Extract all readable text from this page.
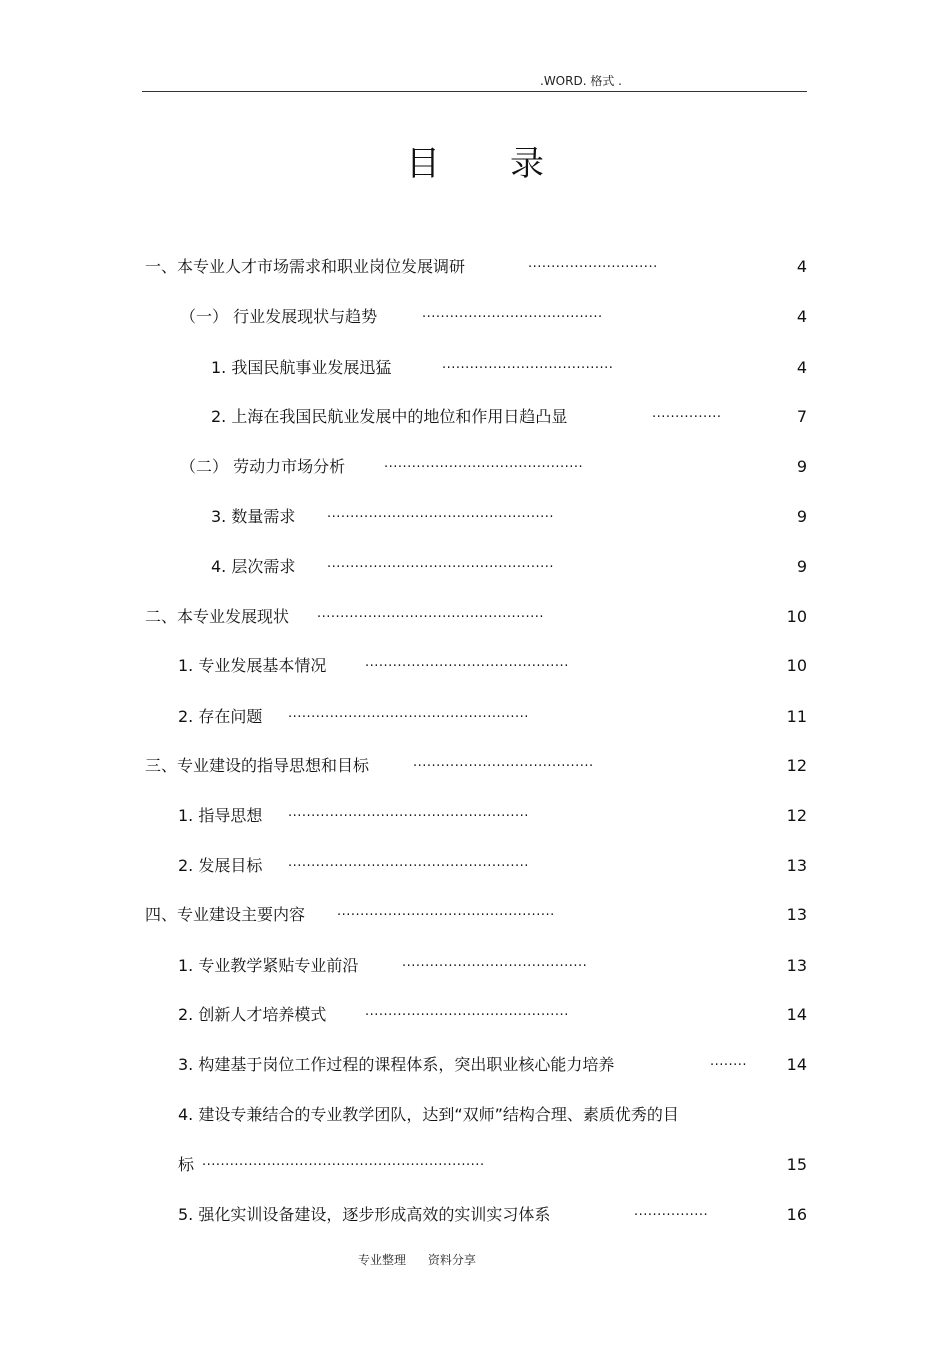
.WORD. 格式 .
目录
一、本专业人才市场需求和职业岗位发展调研	............................	4
（一） 行业发展现状与趋势	.......................................	4
1. 我国民航事业发展迅猛	.....................................	4
2. 上海在我国民航业发展中的地位和作用日趋凸显	...............	7
（二） 劳动力市场分析	...........................................	9
3. 数量需求 .................................................	9
4. 层次需求 .................................................	9
二、本专业发展现状 .................................................	10
1. 专业发展基本情况	............................................	10
2. 存在问题 ....................................................	11
三、专业建设的指导思想和目标	.......................................	12
1. 指导思想 ....................................................	12
2. 发展目标 ....................................................	13
四、专业建设主要内容 ...............................................	13
1. 专业教学紧贴专业前沿	........................................	13
2. 创新人才培养模式	............................................	14
3. 构建基于岗位工作过程的课程体系，突出职业核心能力培养	........ 14
4. 建设专兼结合的专业教学团队，达到“双师”结构合理、素质优秀的目
标 .............................................................	15
5. 强化实训设备建设，逐步形成高效的实训实习体系	................	16
专业整理 资料分享
